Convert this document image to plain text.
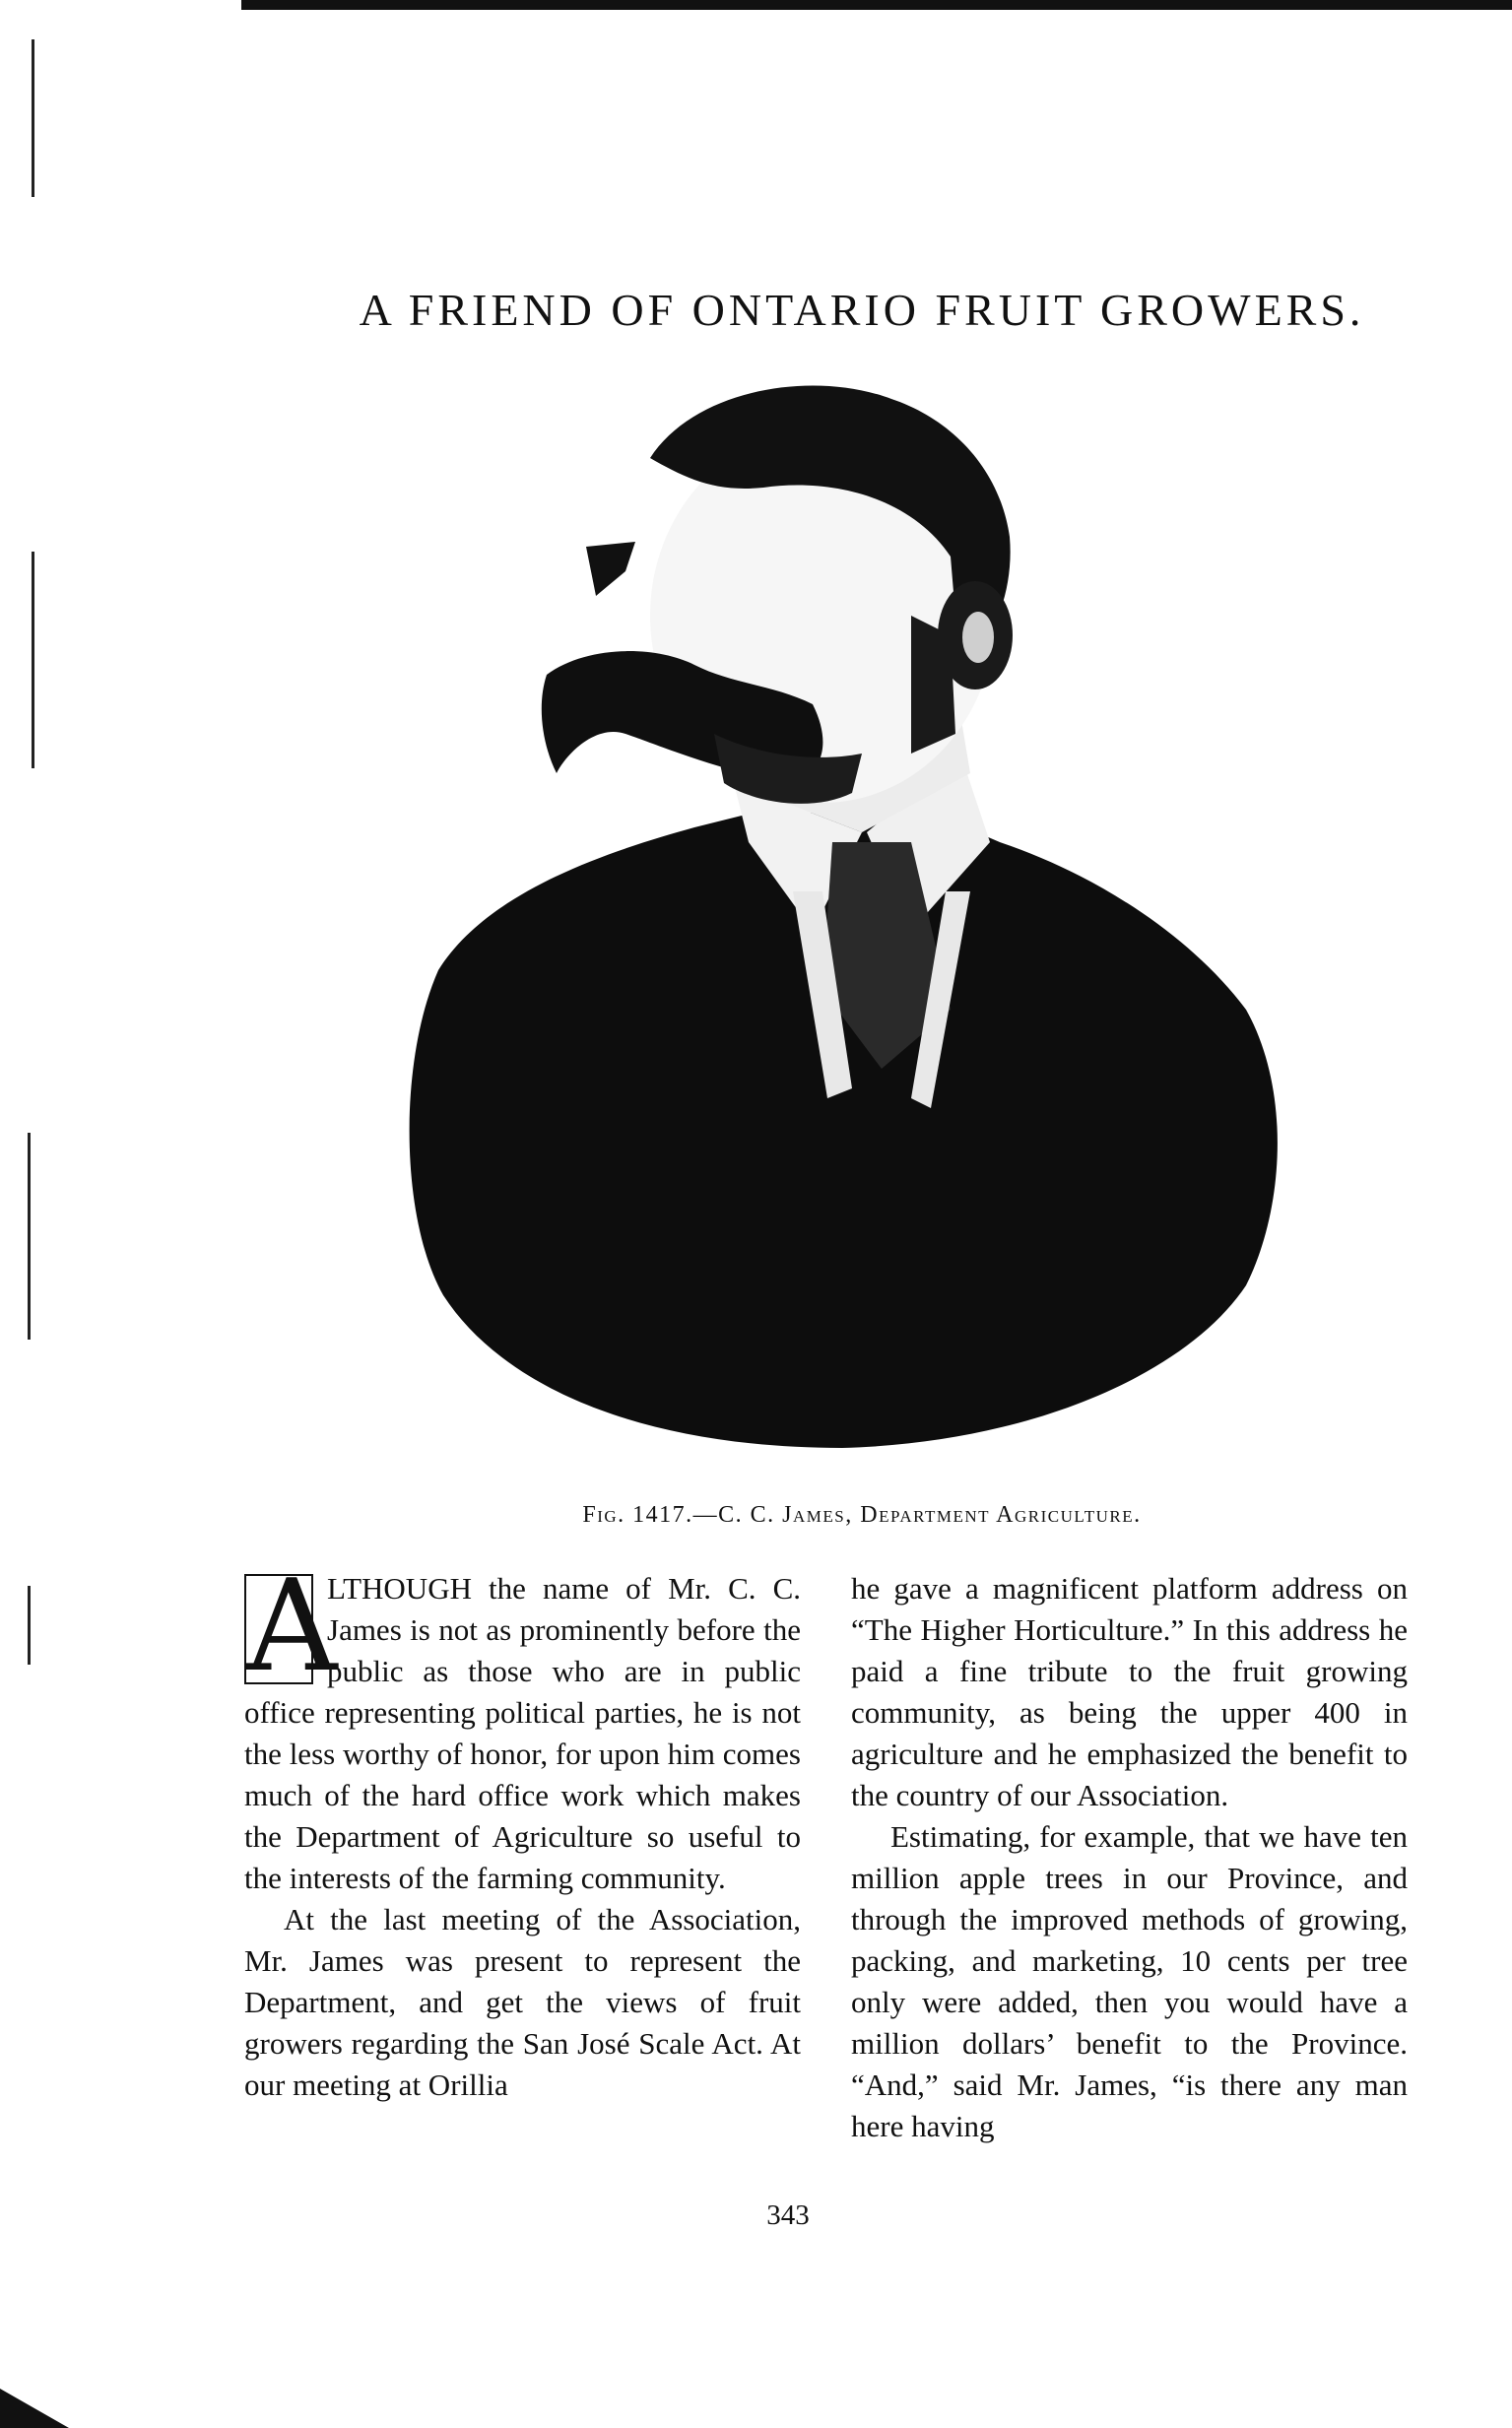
A FRIEND OF ONTARIO FRUIT GROWERS.
Fig. 1417.—C. C. James, Department Agriculture.

A
LTHOUGH the name of Mr. C. C. James is not as prominently before the public as those who are in public office representing political parties, he is not the less worthy of honor, for upon him comes much of the hard office work which makes the Department of Agriculture so useful to the interests of the farming community.

At the last meeting of the Association, Mr. James was present to represent the Department, and get the views of fruit growers regarding the San José Scale Act. At our meeting at Orillia

he gave a magnificent platform address on “The Higher Horticulture.” In this address he paid a fine tribute to the fruit growing community, as being the upper 400 in agriculture and he emphasized the benefit to the country of our Association.

Estimating, for example, that we have ten million apple trees in our Province, and through the improved methods of growing, packing, and marketing, 10 cents per tree only were added, then you would have a million dollars’ benefit to the Province. “And,” said Mr. James, “is there any man here having

343
